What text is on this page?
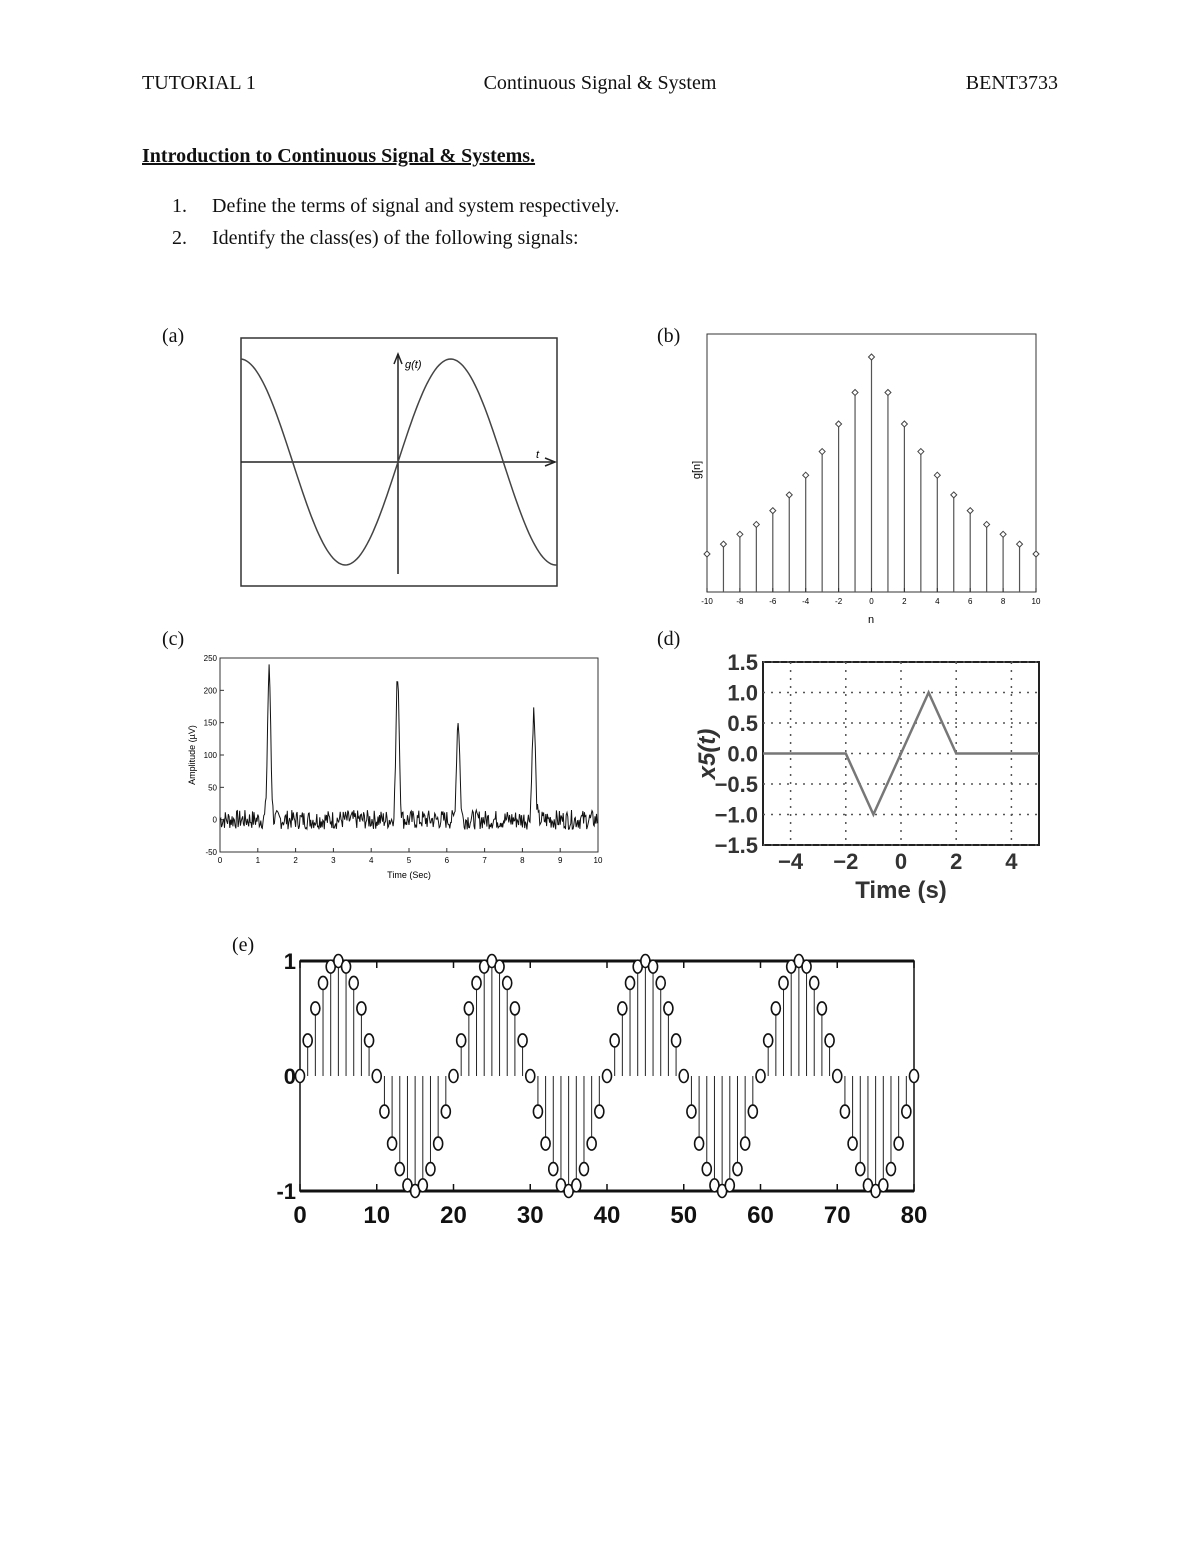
TUTORIAL 1	Continuous Signal & System	BENT3733
Introduction to Continuous Signal & Systems.
1. Define the terms of signal and system respectively.
2. Identify the class(es) of the following signals:
(a)	(b)
(c)	(d)
(e)
g(t)
t
-10	-8	-6	-4	-2	0	2	4	6	8	10
n
g[n]
0	1	2	3	4	5	6	7	8	9	10
-50
0
50
100
150
200
250
Time (Sec)
Amplitude (µV)
−4 −2 0 2 4
1.5
1.0
0.5
0.0
−0.5
−1.0
−1.5
Time (s)
x5(t)
0 10 20 30 40 50 60 70 80
1
0
-1
